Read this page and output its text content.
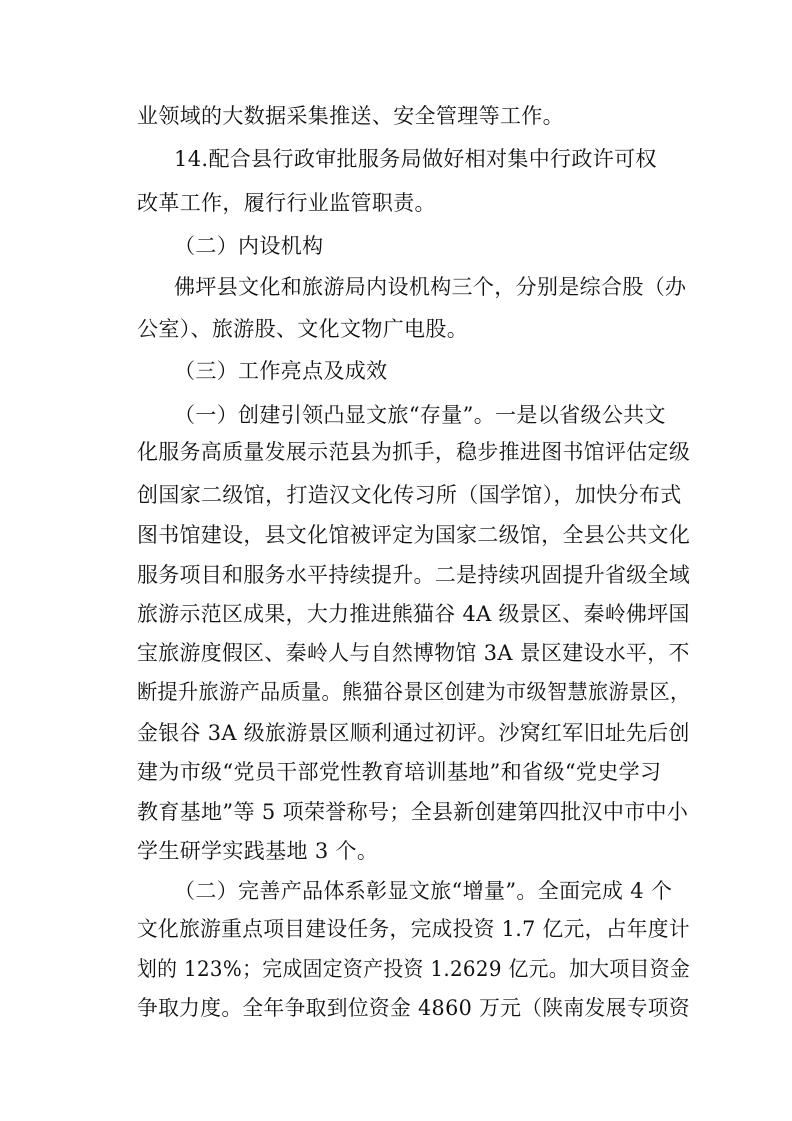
业领域的大数据采集推送、安全管理等工作。
14.配合县行政审批服务局做好相对集中行政许可权
改革工作，履行行业监管职责。
（二）内设机构
佛坪县文化和旅游局内设机构三个，分别是综合股（办
公室）、旅游股、文化文物广电股。
（三）工作亮点及成效
（一）创建引领凸显文旅“存量”。一是以省级公共文
化服务高质量发展示范县为抓手，稳步推进图书馆评估定级
创国家二级馆，打造汉文化传习所（国学馆），加快分布式
图书馆建设，县文化馆被评定为国家二级馆，全县公共文化
服务项目和服务水平持续提升。二是持续巩固提升省级全域
旅游示范区成果，大力推进熊猫谷 4A 级景区、秦岭佛坪国
宝旅游度假区、秦岭人与自然博物馆 3A 景区建设水平，不
断提升旅游产品质量。熊猫谷景区创建为市级智慧旅游景区，
金银谷 3A 级旅游景区顺利通过初评。沙窝红军旧址先后创
建为市级“党员干部党性教育培训基地”和省级“党史学习
教育基地”等 5 项荣誉称号；全县新创建第四批汉中市中小
学生研学实践基地 3 个。
（二）完善产品体系彰显文旅“增量”。全面完成 4 个
文化旅游重点项目建设任务，完成投资 1.7 亿元，占年度计
划的 123%；完成固定资产投资 1.2629 亿元。加大项目资金
争取力度。全年争取到位资金 4860 万元（陕南发展专项资
